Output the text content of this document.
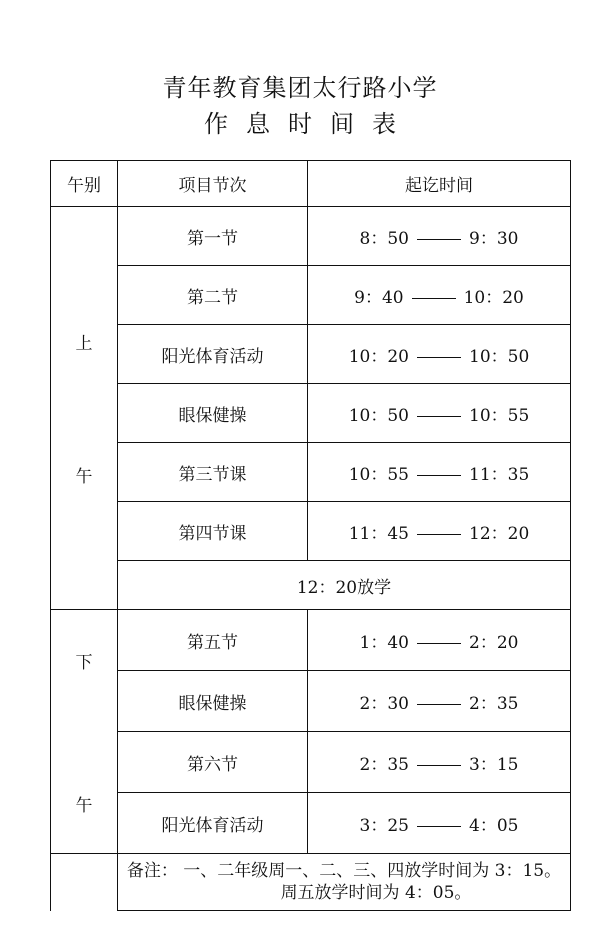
青年教育集团太行路小学
作息时间表
午别	项目节次	起讫时间

上
午	第一节	8：50 9：30
	第二节	9：40 10：20
	阳光体育活动	10：20 10：50
	眼保健操	10：50 10：55
	第三节课	10：55 11：35
	第四节课	11：45 12：20
	12：20放学	

下
午	第五节	1：40 2：20
	眼保健操	2：30 2：35
	第六节	2：35 3：15
	阳光体育活动	3：25 4：05

	备注： 一、二年级周一、二、三、四放学时间为 3：15。
周五放学时间为 4：05。	
